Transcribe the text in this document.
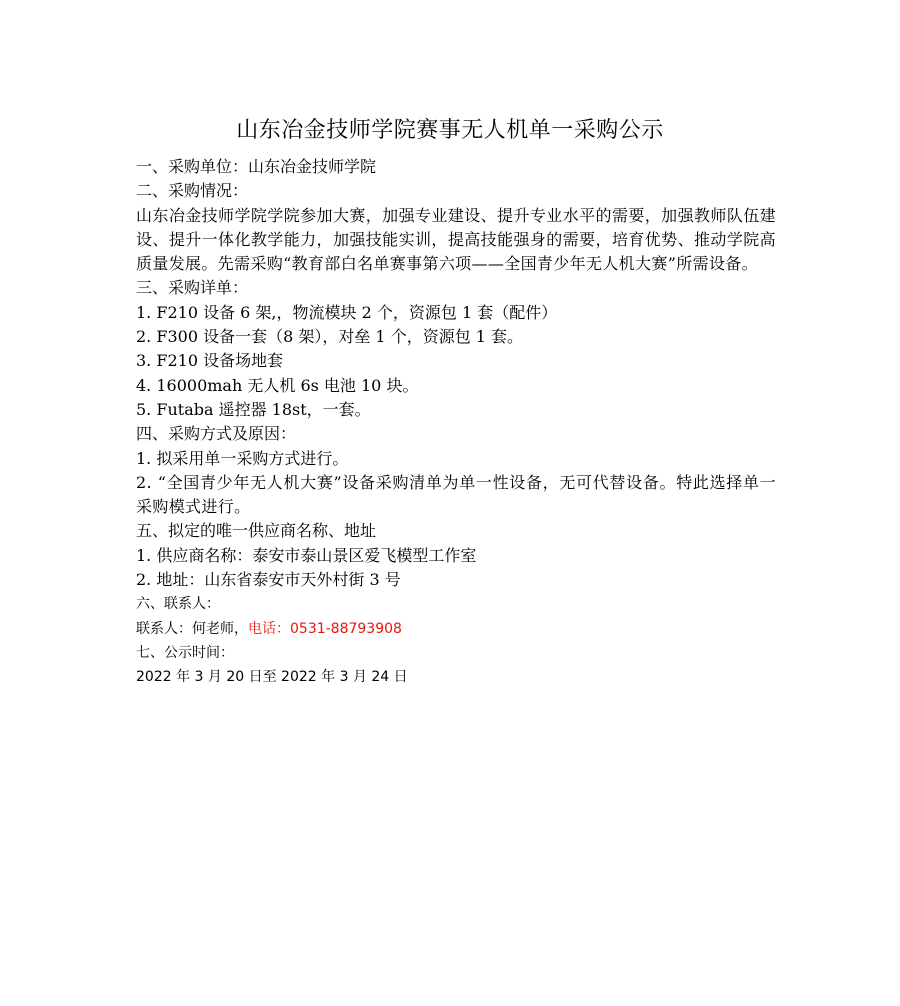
山东冶金技师学院赛事无人机单一采购公示
一、采购单位：山东冶金技师学院
二、采购情况：
山东冶金技师学院学院参加大赛，加强专业建设、提升专业水平的需要，加强教师队伍建设、提升一体化教学能力，加强技能实训，提高技能强身的需要，培育优势、推动学院高质量发展。先需采购“教育部白名单赛事第六项——全国青少年无人机大赛”所需设备。
三、采购详单：
1. F210 设备 6 架,，物流模块 2 个，资源包 1 套（配件）
2. F300 设备一套（8 架），对垒 1 个，资源包 1 套。
3. F210 设备场地套
4. 16000mah 无人机 6s 电池 10 块。
5. Futaba 遥控器 18st，一套。
四、采购方式及原因：
1. 拟采用单一采购方式进行。
2. “全国青少年无人机大赛”设备采购清单为单一性设备，无可代替设备。特此选择单一采购模式进行。
五、拟定的唯一供应商名称、地址
1. 供应商名称：泰安市泰山景区爱飞模型工作室
2. 地址：山东省泰安市天外村街 3 号
六、联系人：
联系人：何老师，电话：0531-88793908
七、公示时间：
2022 年 3 月 20 日至 2022 年 3 月 24 日
